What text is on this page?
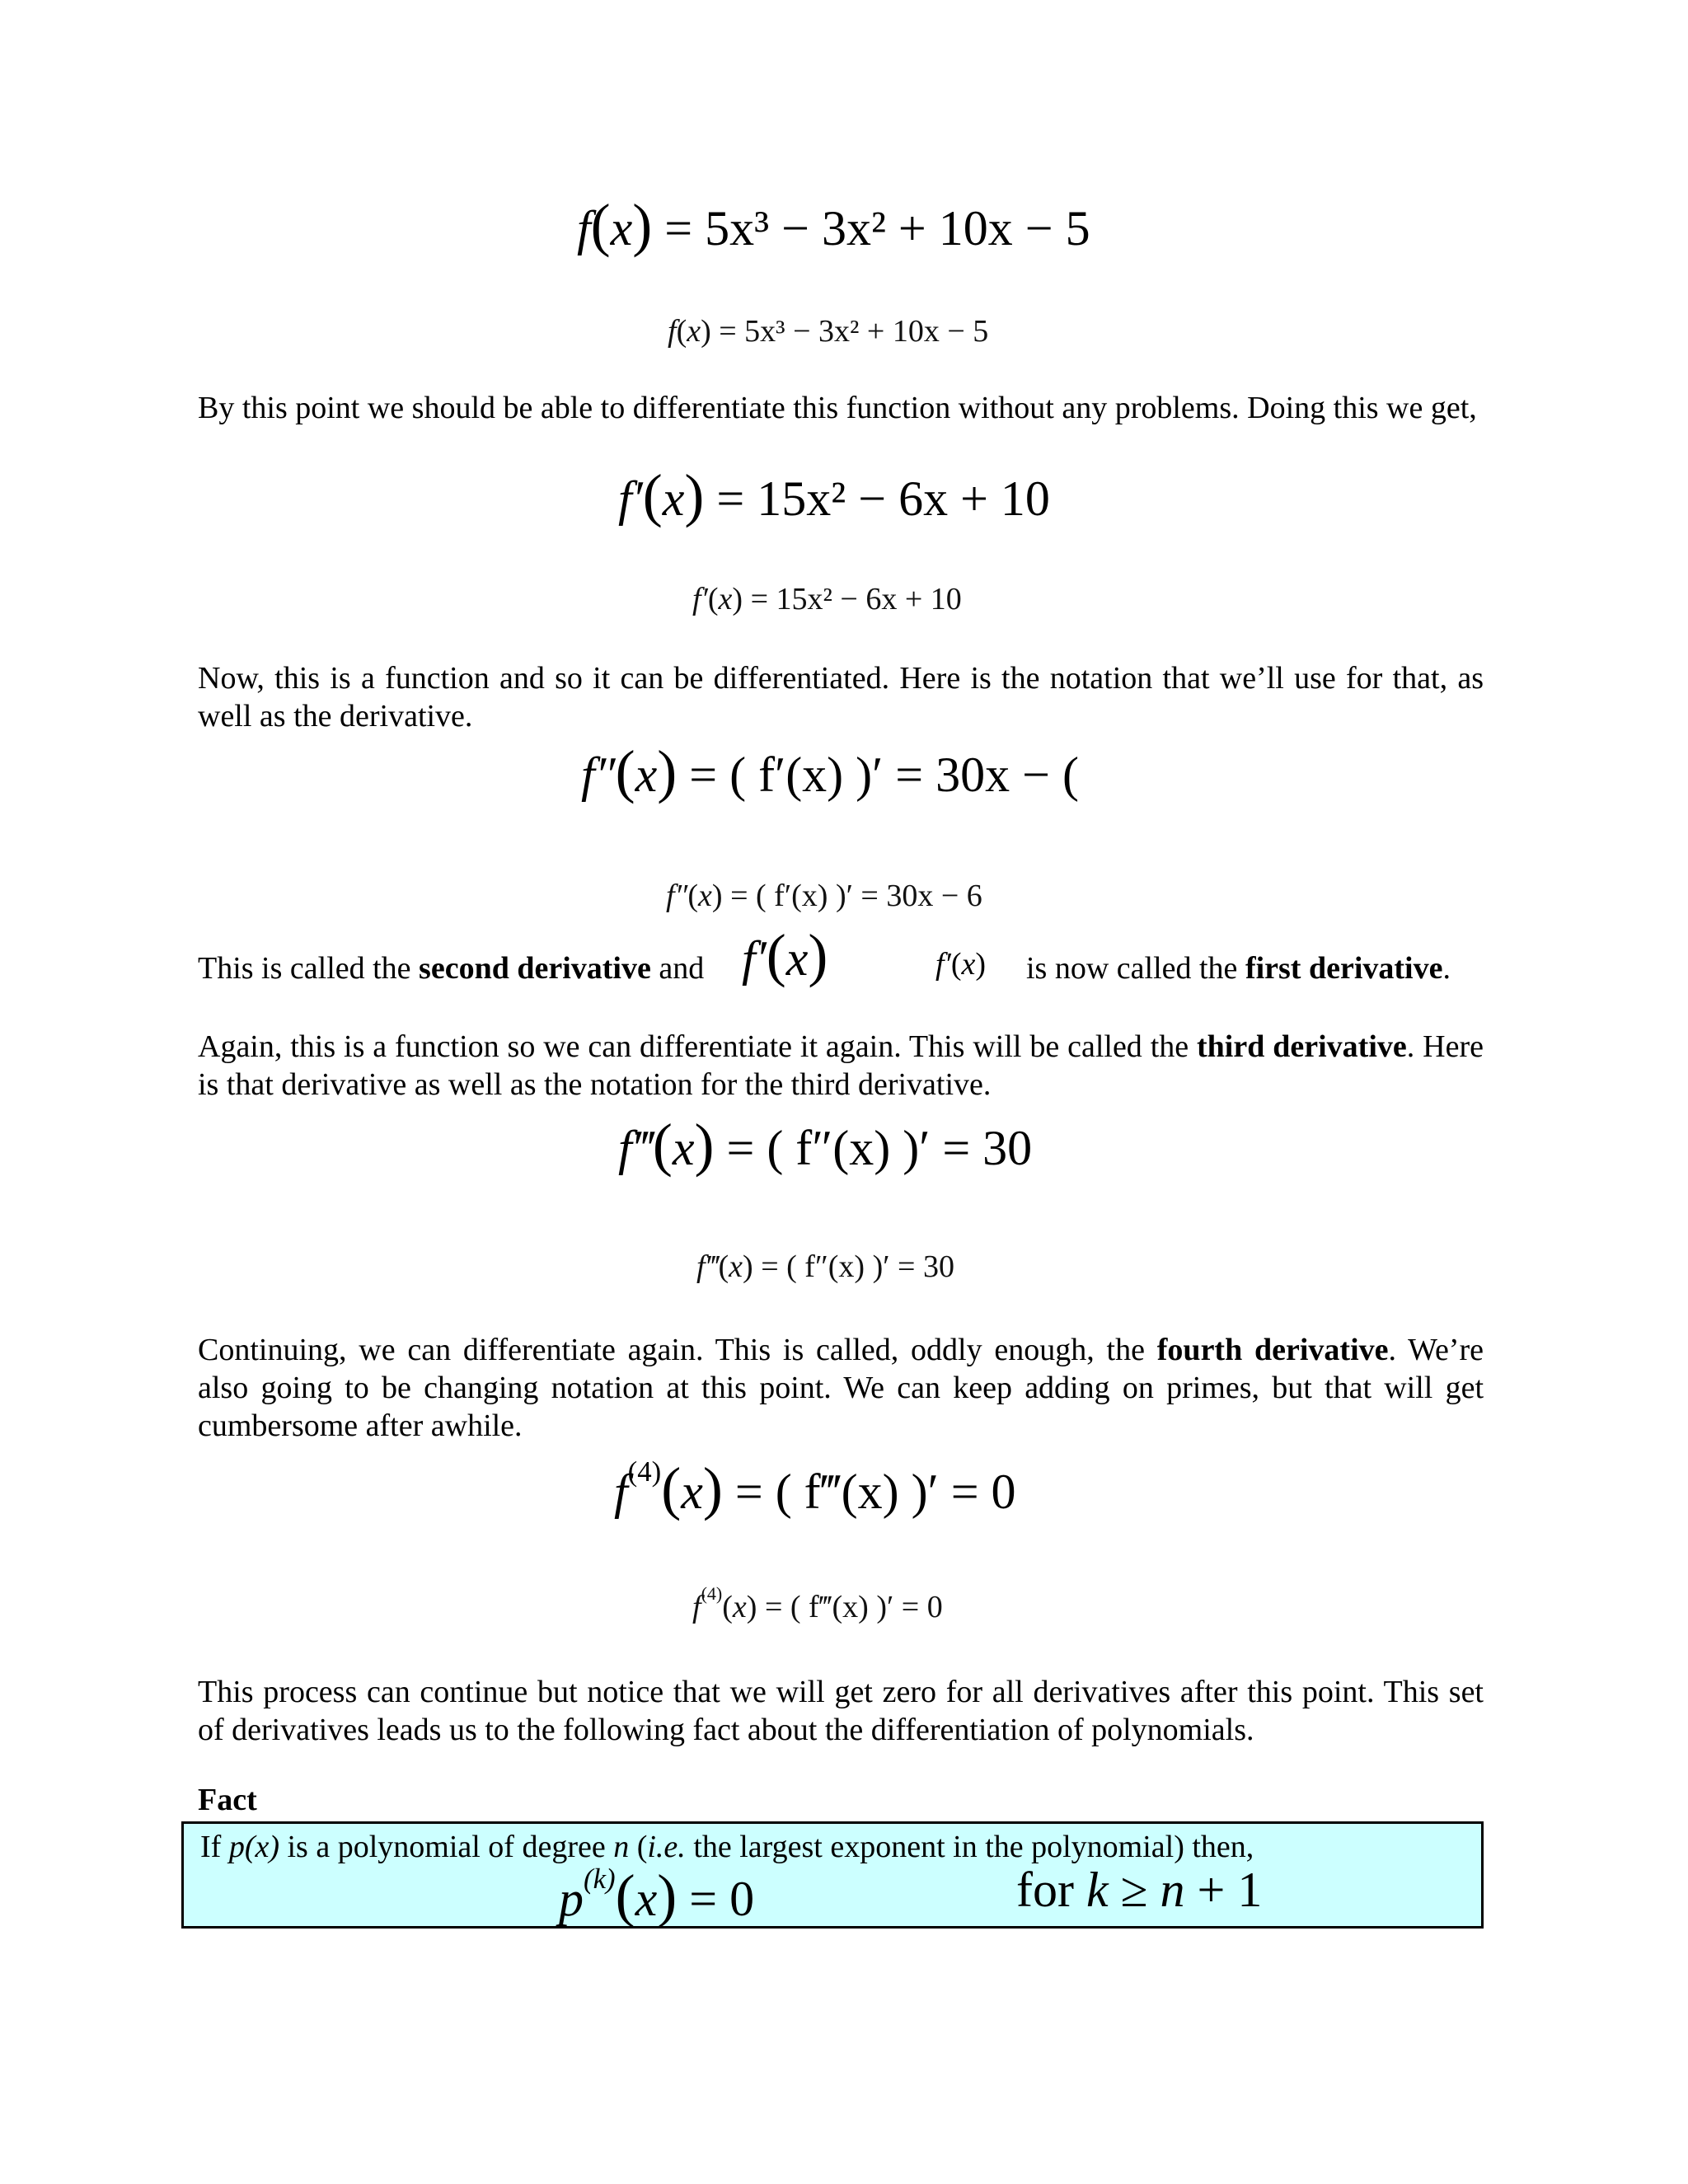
f(x) = 5x³ − 3x² + 10x − 5
f(x) = 5x³ − 3x² + 10x − 5
By this point we should be able to differentiate this function without any problems. Doing this we get,
f′(x) = 15x² − 6x + 10
f′(x) = 15x² − 6x + 10
Now, this is a function and so it can be differentiated. Here is the notation that we’ll use for that, as well as the derivative.
f″(x) = ( f′(x) )′ = 30x − (
f″(x) = ( f′(x) )′ = 30x − 6
This is called the second derivative and f′(x)	f′(x) is now called the first derivative.
Again, this is a function so we can differentiate it again. This will be called the third derivative. Here is that derivative as well as the notation for the third derivative.
f‴(x) = ( f″(x) )′ = 30
f‴(x) = ( f″(x) )′ = 30
Continuing, we can differentiate again. This is called, oddly enough, the fourth derivative. We’re also going to be changing notation at this point. We can keep adding on primes, but that will get cumbersome after awhile.
$f^{(4)}(x)$ = ( f‴(x) )′ = 0
$f^{(4)}(x)$ = ( f‴(x) )′ = 0
This process can continue but notice that we will get zero for all derivatives after this point. This set of derivatives leads us to the following fact about the differentiation of polynomials.
Fact
If p(x) is a polynomial of degree n (i.e. the largest exponent in the polynomial) then,
$p^{(k)}(x) = 0$	for k ≥ n + 1
